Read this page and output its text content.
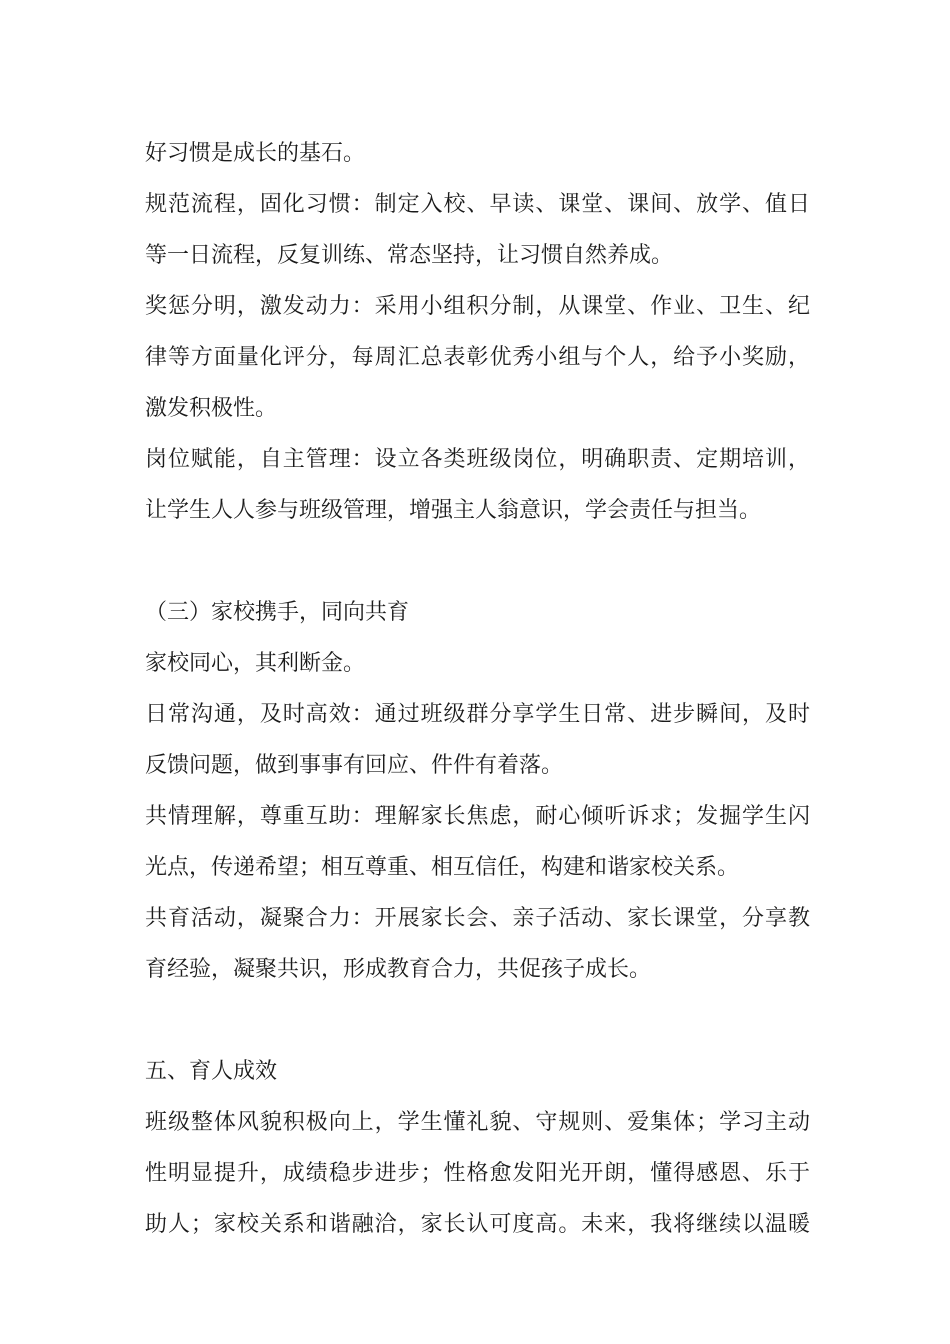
好习惯是成长的基石。
规范流程，固化习惯：制定入校、早读、课堂、课间、放学、值日
等一日流程，反复训练、常态坚持，让习惯自然养成。
奖惩分明，激发动力：采用小组积分制，从课堂、作业、卫生、纪
律等方面量化评分，每周汇总表彰优秀小组与个人，给予小奖励，
激发积极性。
岗位赋能，自主管理：设立各类班级岗位，明确职责、定期培训，
让学生人人参与班级管理，增强主人翁意识，学会责任与担当。
（三）家校携手，同向共育
家校同心，其利断金。
日常沟通，及时高效：通过班级群分享学生日常、进步瞬间，及时
反馈问题，做到事事有回应、件件有着落。
共情理解，尊重互助：理解家长焦虑，耐心倾听诉求；发掘学生闪
光点，传递希望；相互尊重、相互信任，构建和谐家校关系。
共育活动，凝聚合力：开展家长会、亲子活动、家长课堂，分享教
育经验，凝聚共识，形成教育合力，共促孩子成长。
五、育人成效
班级整体风貌积极向上，学生懂礼貌、守规则、爱集体；学习主动
性明显提升，成绩稳步进步；性格愈发阳光开朗，懂得感恩、乐于
助人；家校关系和谐融洽，家长认可度高。未来，我将继续以温暖
